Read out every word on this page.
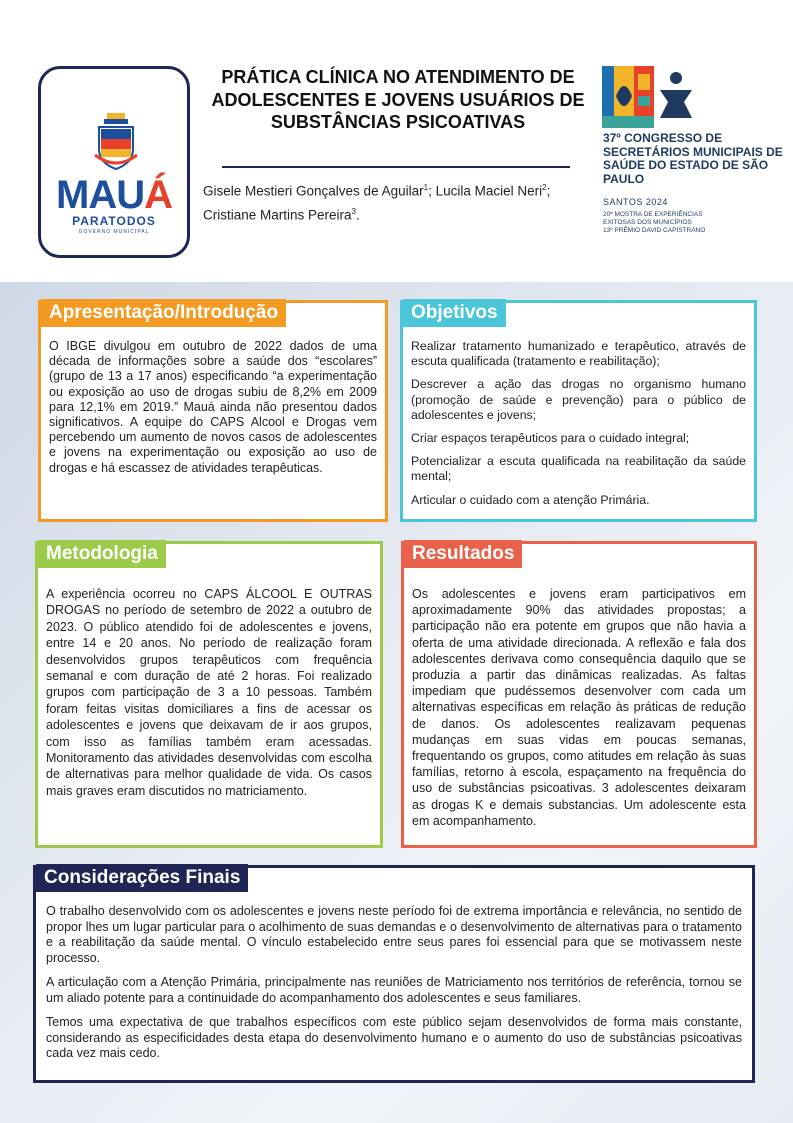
MAUÁ
PARATODOS
GOVERNO MUNICIPAL
PRÁTICA CLÍNICA NO ATENDIMENTO DE ADOLESCENTES E JOVENS USUÁRIOS DE SUBSTÂNCIAS PSICOATIVAS
Gisele Mestieri Gonçalves de Aguilar$^1$; Lucila Maciel Neri$^2$; Cristiane Martins Pereira$^3$.
37º CONGRESSO DE SECRETÁRIOS MUNICIPAIS DE SAÚDE DO ESTADO DE SÃO PAULO
SANTOS 2024
20ª MOSTRA DE EXPERIÊNCIAS
EXITOSAS DOS MUNICÍPIOS
13º PRÊMIO DAVID CAPISTRANO
Apresentação/Introdução

O IBGE divulgou em outubro de 2022 dados de uma década de informações sobre a saúde dos “escolares” (grupo de 13 a 17 anos) especificando “a experimentação ou exposição ao uso de drogas subiu de 8,2% em 2009 para 12,1% em 2019.” Mauá ainda não presentou dados significativos. A equipe do CAPS Alcool e Drogas vem percebendo um aumento de novos casos de adolescentes e jovens na experimentação ou exposição ao uso de drogas e há escassez de atividades terapêuticas.

Objetivos

Realizar tratamento humanizado e terapêutico, através de escuta qualificada (tratamento e reabilitação);

Descrever a ação das drogas no organismo humano (promoção de saúde e prevenção) para o público de adolescentes e jovens;

Criar espaços terapêuticos para o cuidado integral;

Potencializar a escuta qualificada na reabilitação da saúde mental;

Articular o cuidado com a atenção Primária.

Metodologia

A experiência ocorreu no CAPS ÁLCOOL E OUTRAS DROGAS no período de setembro de 2022 a outubro de 2023. O público atendido foi de adolescentes e jovens, entre 14 e 20 anos. No período de realização foram desenvolvidos grupos terapêuticos com frequência semanal e com duração de até 2 horas. Foi realizado grupos com participação de 3 a 10 pessoas. Também foram feitas visitas domiciliares a fins de acessar os adolescentes e jovens que deixavam de ir aos grupos, com isso as famílias também eram acessadas. Monitoramento das atividades desenvolvidas com escolha de alternativas para melhor qualidade de vida. Os casos mais graves eram discutidos no matriciamento.

Resultados

Os adolescentes e jovens eram participativos em aproximadamente 90% das atividades propostas; a participação não era potente em grupos que não havia a oferta de uma atividade direcionada. A reflexão e fala dos adolescentes derivava como consequência daquilo que se produzia a partir das dinâmicas realizadas. As faltas impediam que pudéssemos desenvolver com cada um alternativas específicas em relação às práticas de redução de danos. Os adolescentes realizavam pequenas mudanças em suas vidas em poucas semanas, frequentando os grupos, como atitudes em relação às suas famílias, retorno à escola, espaçamento na frequência do uso de substâncias psicoativas. 3 adolescentes deixaram as drogas K e demais substancias. Um adolescente esta em acompanhamento.

Considerações Finais

O trabalho desenvolvido com os adolescentes e jovens neste período foi de extrema importância e relevância, no sentido de propor lhes um lugar particular para o acolhimento de suas demandas e o desenvolvimento de alternativas para o tratamento e a reabilitação da saúde mental. O vínculo estabelecido entre seus pares foi essencial para que se motivassem neste processo.

A articulação com a Atenção Primária, principalmente nas reuniões de Matriciamento nos territórios de referência, tornou se um aliado potente para a continuidade do acompanhamento dos adolescentes e seus familiares.

Temos uma expectativa de que trabalhos específicos com este público sejam desenvolvidos de forma mais constante, considerando as especificidades desta etapa do desenvolvimento humano e o aumento do uso de substâncias psicoativas cada vez mais cedo.
